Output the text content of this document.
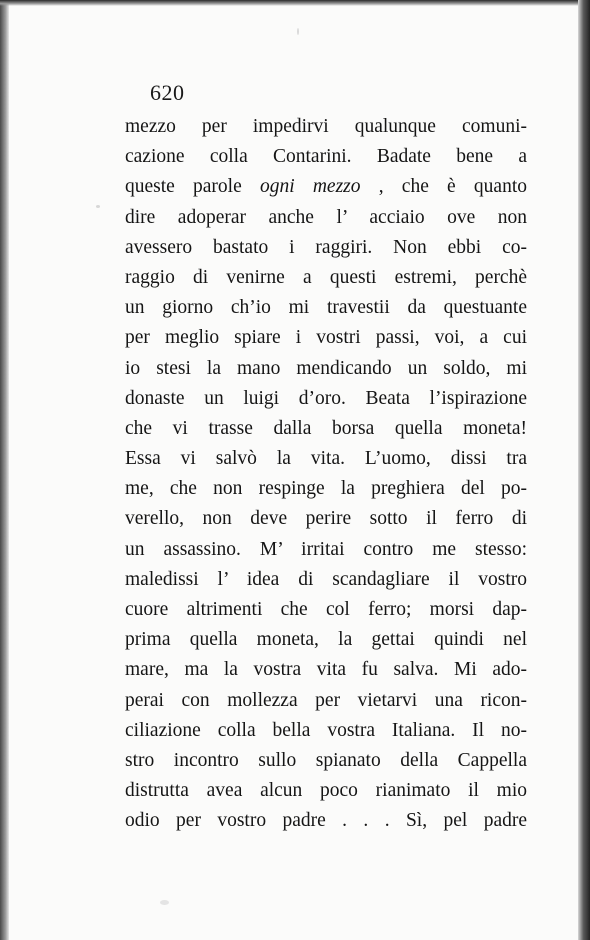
620
mezzo per impedirvi qualunque comuni-
cazione colla Contarini. Badate bene a
queste parole ogni mezzo , che è quanto
dire adoperar anche l’ acciaio ove non
avessero bastato i raggiri. Non ebbi co-
raggio di venirne a questi estremi, perchè
un giorno ch’io mi travestii da questuante
per meglio spiare i vostri passi, voi, a cui
io stesi la mano mendicando un soldo, mi
donaste un luigi d’oro. Beata l’ispirazione
che vi trasse dalla borsa quella moneta!
Essa vi salvò la vita. L’uomo, dissi tra
me, che non respinge la preghiera del po-
verello, non deve perire sotto il ferro di
un assassino. M’ irritai contro me stesso:
maledissi l’ idea di scandagliare il vostro
cuore altrimenti che col ferro; morsi dap-
prima quella moneta, la gettai quindi nel
mare, ma la vostra vita fu salva. Mi ado-
perai con mollezza per vietarvi una ricon-
ciliazione colla bella vostra Italiana. Il no-
stro incontro sullo spianato della Cappella
distrutta avea alcun poco rianimato il mio
odio per vostro padre . . . Sì, pel padre
